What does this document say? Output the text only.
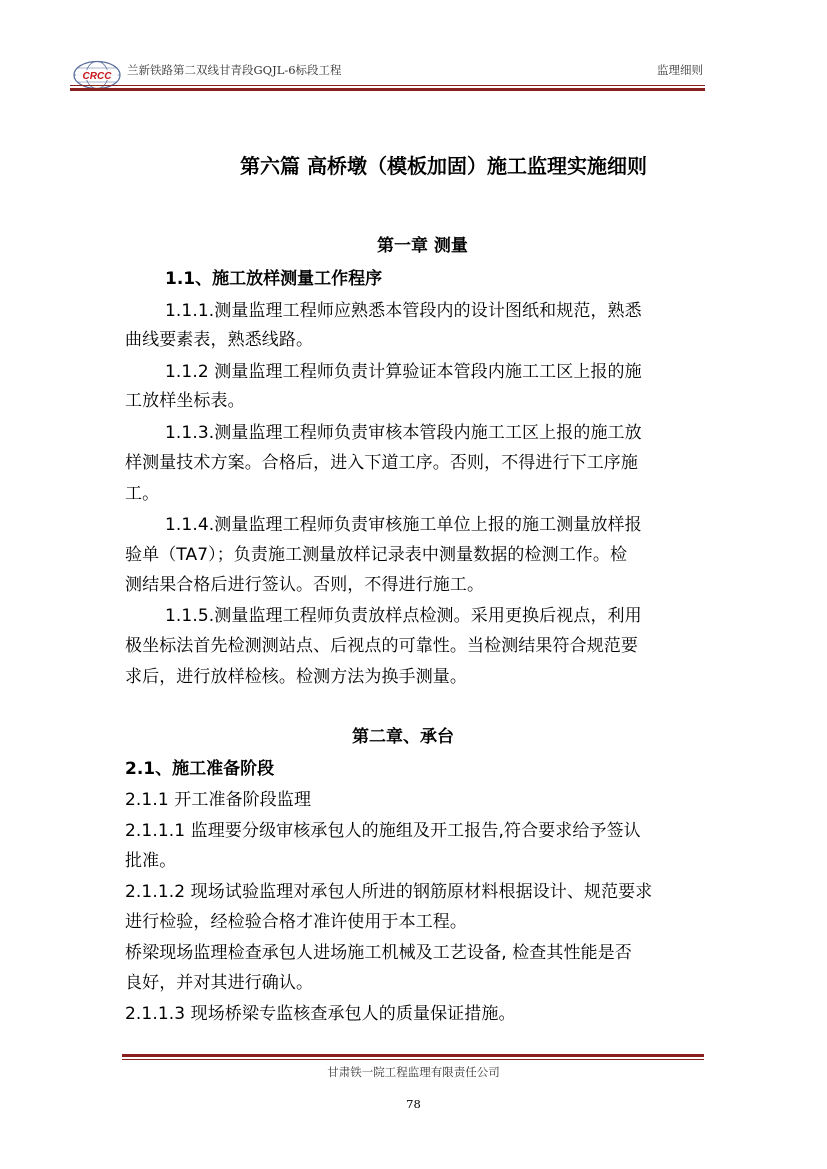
CRCC 兰新铁路第二双线甘青段GQJL-6标段工程	监理细则
第六篇 高桥墩（模板加固）施工监理实施细则
第一章 测量
1.1、施工放样测量工作程序
1.1.1.测量监理工程师应熟悉本管段内的设计图纸和规范，熟悉
曲线要素表，熟悉线路。
1.1.2 测量监理工程师负责计算验证本管段内施工工区上报的施
工放样坐标表。
1.1.3.测量监理工程师负责审核本管段内施工工区上报的施工放
样测量技术方案。合格后，进入下道工序。否则，不得进行下工序施
工。
1.1.4.测量监理工程师负责审核施工单位上报的施工测量放样报
验单（TA7）；负责施工测量放样记录表中测量数据的检测工作。检
测结果合格后进行签认。否则，不得进行施工。
1.1.5.测量监理工程师负责放样点检测。采用更换后视点，利用
极坐标法首先检测测站点、后视点的可靠性。当检测结果符合规范要
求后，进行放样检核。检测方法为换手测量。
第二章、承台
2.1、施工准备阶段
2.1.1 开工准备阶段监理
2.1.1.1 监理要分级审核承包人的施组及开工报告,符合要求给予签认
批准。
2.1.1.2 现场试验监理对承包人所进的钢筋原材料根据设计、规范要求
进行检验，经检验合格才准许使用于本工程。
桥梁现场监理检查承包人进场施工机械及工艺设备, 检查其性能是否
良好，并对其进行确认。
2.1.1.3 现场桥梁专监核查承包人的质量保证措施。
甘肃铁一院工程监理有限责任公司
78
